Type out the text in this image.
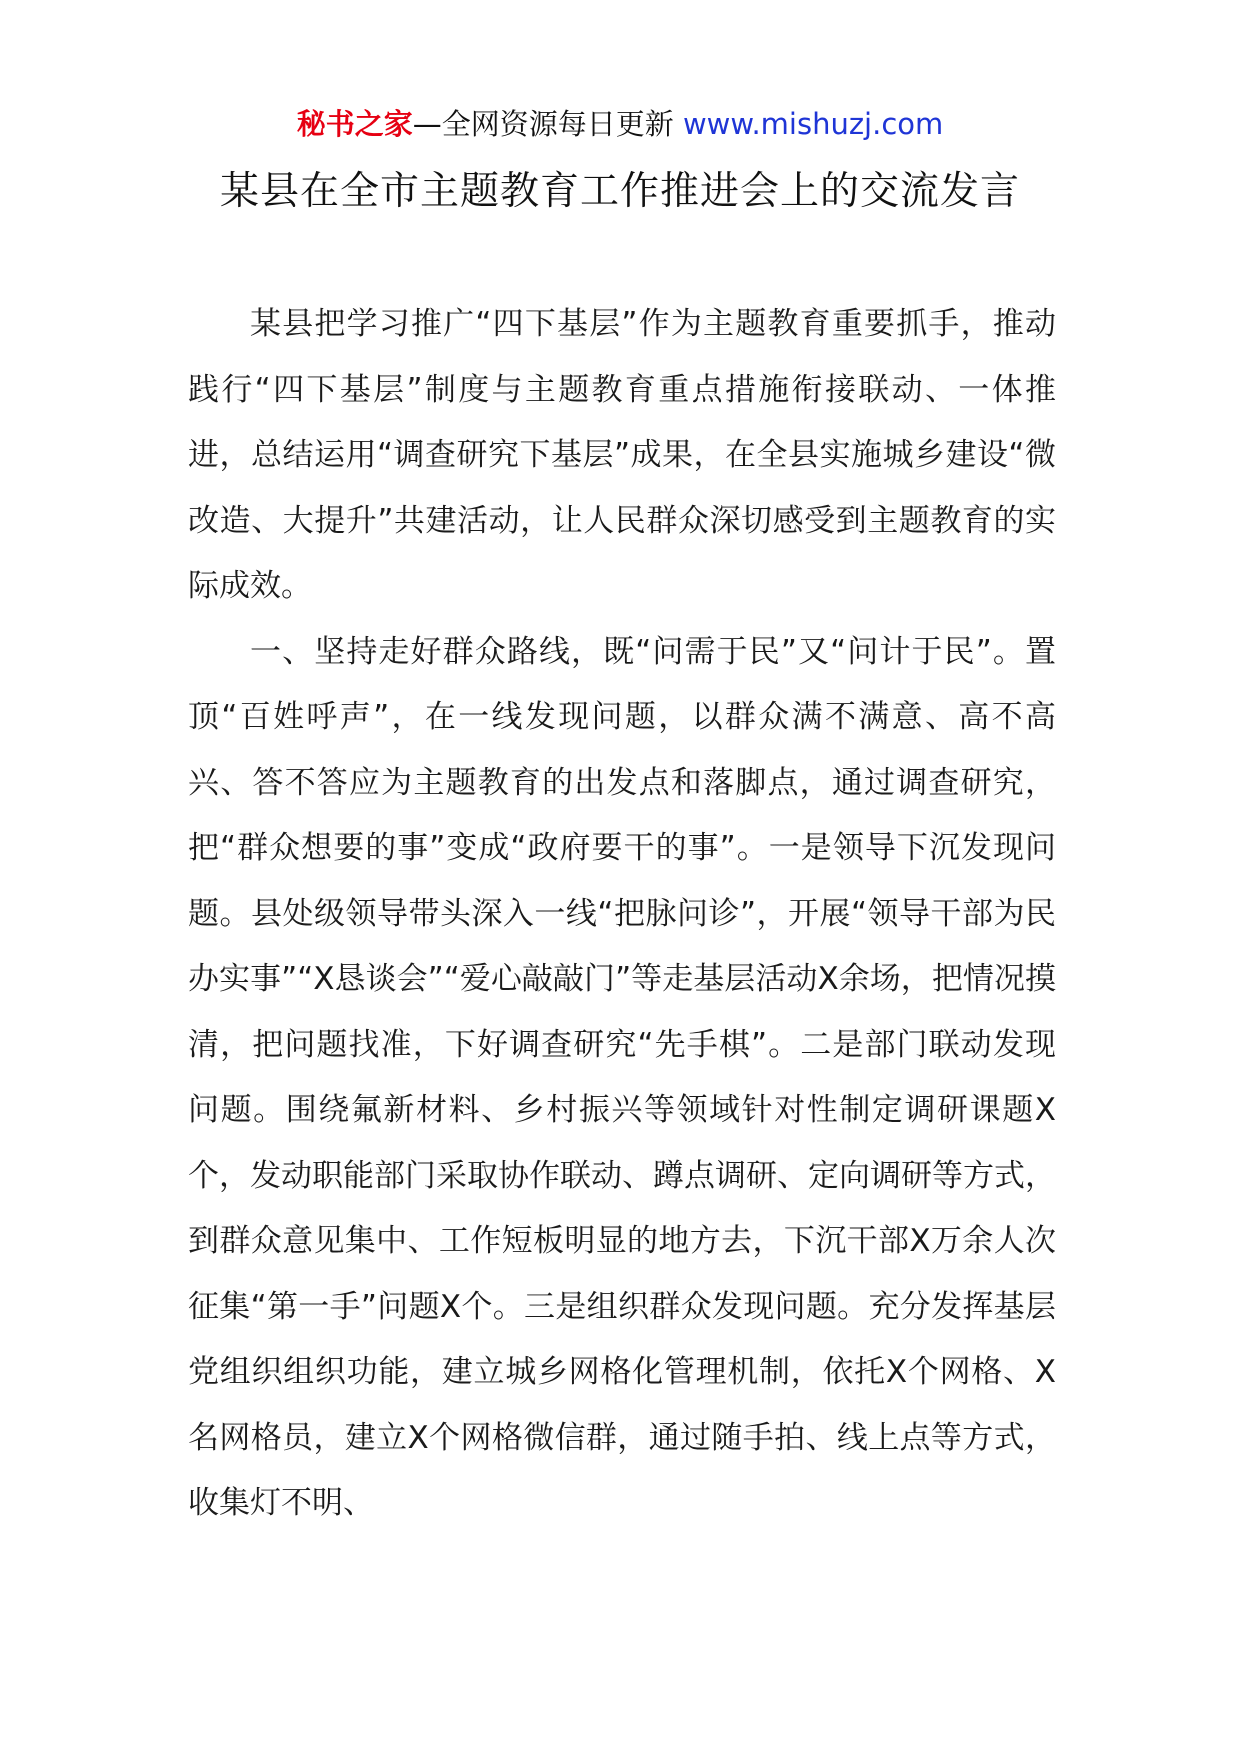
秘书之家—全网资源每日更新 www.mishuzj.com
某县在全市主题教育工作推进会上的交流发言

某县把学习推广“四下基层”作为主题教育重要抓手，推动践行“四下基层”制度与主题教育重点措施衔接联动、一体推进，总结运用“调查研究下基层”成果，在全县实施城乡建设“微改造、大提升”共建活动，让人民群众深切感受到主题教育的实际成效。

一、坚持走好群众路线，既“问需于民”又“问计于民”。置顶“百姓呼声”，在一线发现问题，以群众满不满意、高不高兴、答不答应为主题教育的出发点和落脚点，通过调查研究，把“群众想要的事”变成“政府要干的事”。一是领导下沉发现问题。县处级领导带头深入一线“把脉问诊”，开展“领导干部为民办实事”“X恳谈会”“爱心敲敲门”等走基层活动X余场，把情况摸清，把问题找准，下好调查研究“先手棋”。二是部门联动发现问题。围绕氟新材料、乡村振兴等领域针对性制定调研课题X个，发动职能部门采取协作联动、蹲点调研、定向调研等方式，到群众意见集中、工作短板明显的地方去，下沉干部X万余人次征集“第一手”问题X个。三是组织群众发现问题。充分发挥基层党组织组织功能，建立城乡网格化管理机制，依托X个网格、X名网格员，建立X个网格微信群，通过随手拍、线上点等方式，收集灯不明、
